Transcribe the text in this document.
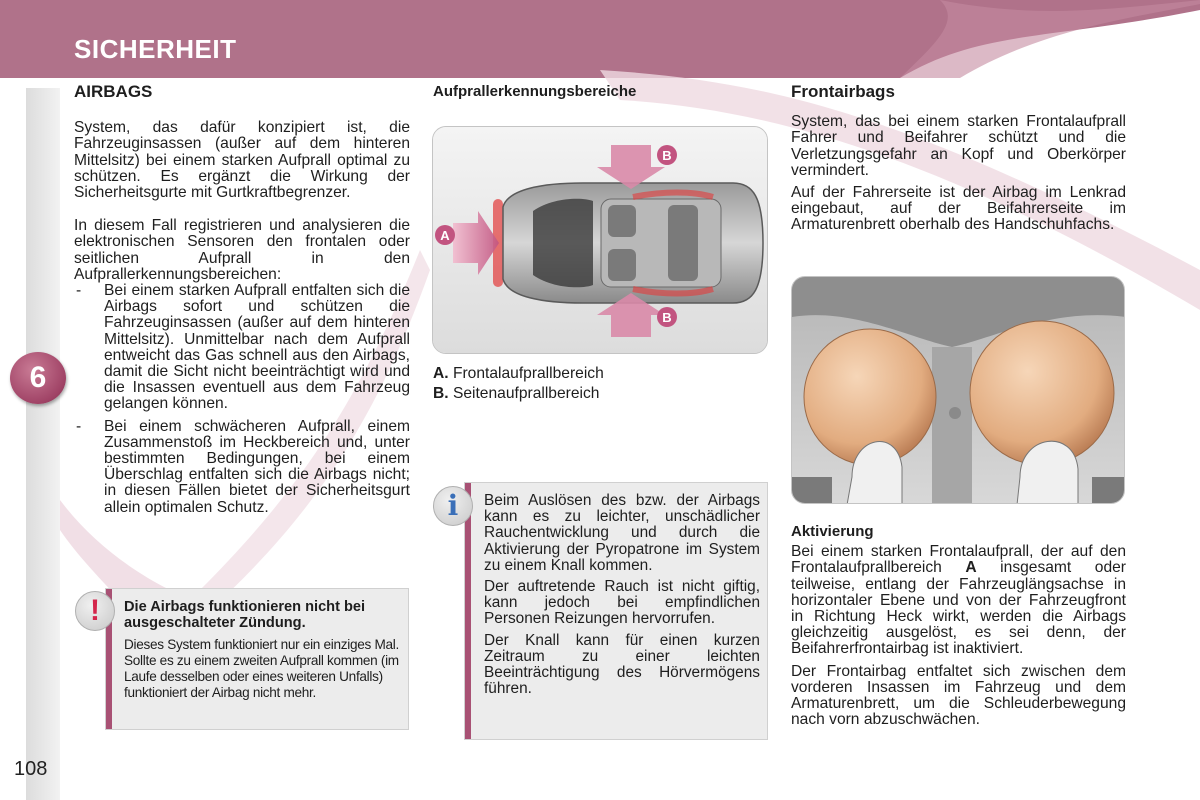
SICHERHEIT
6
108
AIRBAGS

System, das dafür konzipiert ist, die Fahrzeuginsassen (außer auf dem hinteren Mittelsitz) bei einem starken Aufprall optimal zu schützen. Es ergänzt die Wirkung der Sicherheitsgurte mit Gurtkraftbegrenzer.

In diesem Fall registrieren und analysieren die elektronischen Sensoren den frontalen oder seitlichen Aufprall in den Aufprallerkennungsbereichen:

- Bei einem starken Aufprall entfalten sich die Airbags sofort und schützen die Fahrzeuginsassen (außer auf dem hinteren Mittelsitz). Unmittelbar nach dem Aufprall entweicht das Gas schnell aus den Airbags, damit die Sicht nicht beeinträchtigt wird und die Insassen eventuell aus dem Fahrzeug gelangen können.
- Bei einem schwächeren Aufprall, einem Zusammenstoß im Heckbereich und, unter bestimmten Bedingungen, bei einem Überschlag entfalten sich die Airbags nicht; in diesen Fällen bietet der Sicherheitsgurt allein optimalen Schutz.
!	Die Airbags funktionieren nicht bei ausgeschalteter Zündung.
Dieses System funktioniert nur ein einziges Mal. Sollte es zu einem zweiten Aufprall kommen (im Laufe desselben oder eines weiteren Unfalls) funktioniert der Airbag nicht mehr.
Aufprallerkennungsbereiche
A
B
B
A. Frontalaufprallbereich
B. Seitenaufprallbereich
i	Beim Auslösen des bzw. der Airbags kann es zu leichter, unschädlicher Rauchentwicklung und durch die Aktivierung der Pyropatrone im System zu einem Knall kommen.

Der auftretende Rauch ist nicht giftig, kann jedoch bei empfindlichen Personen Reizungen hervorrufen.

Der Knall kann für einen kurzen Zeitraum zu einer leichten Beeinträchtigung des Hörvermögens führen.

Frontairbags

System, das bei einem starken Frontalaufprall Fahrer und Beifahrer schützt und die Verletzungsgefahr an Kopf und Oberkörper vermindert.

Auf der Fahrerseite ist der Airbag im Lenkrad eingebaut, auf der Beifahrerseite im Armaturenbrett oberhalb des Handschuhfachs.

Aktivierung

Bei einem starken Frontalaufprall, der auf den Frontalaufprallbereich A insgesamt oder teilweise, entlang der Fahrzeuglängsachse in horizontaler Ebene und von der Fahrzeugfront in Richtung Heck wirkt, werden die Airbags gleichzeitig ausgelöst, es sei denn, der Beifahrerfrontairbag ist inaktiviert.

Der Frontairbag entfaltet sich zwischen dem vorderen Insassen im Fahrzeug und dem Armaturenbrett, um die Schleuderbewegung nach vorn abzuschwächen.
